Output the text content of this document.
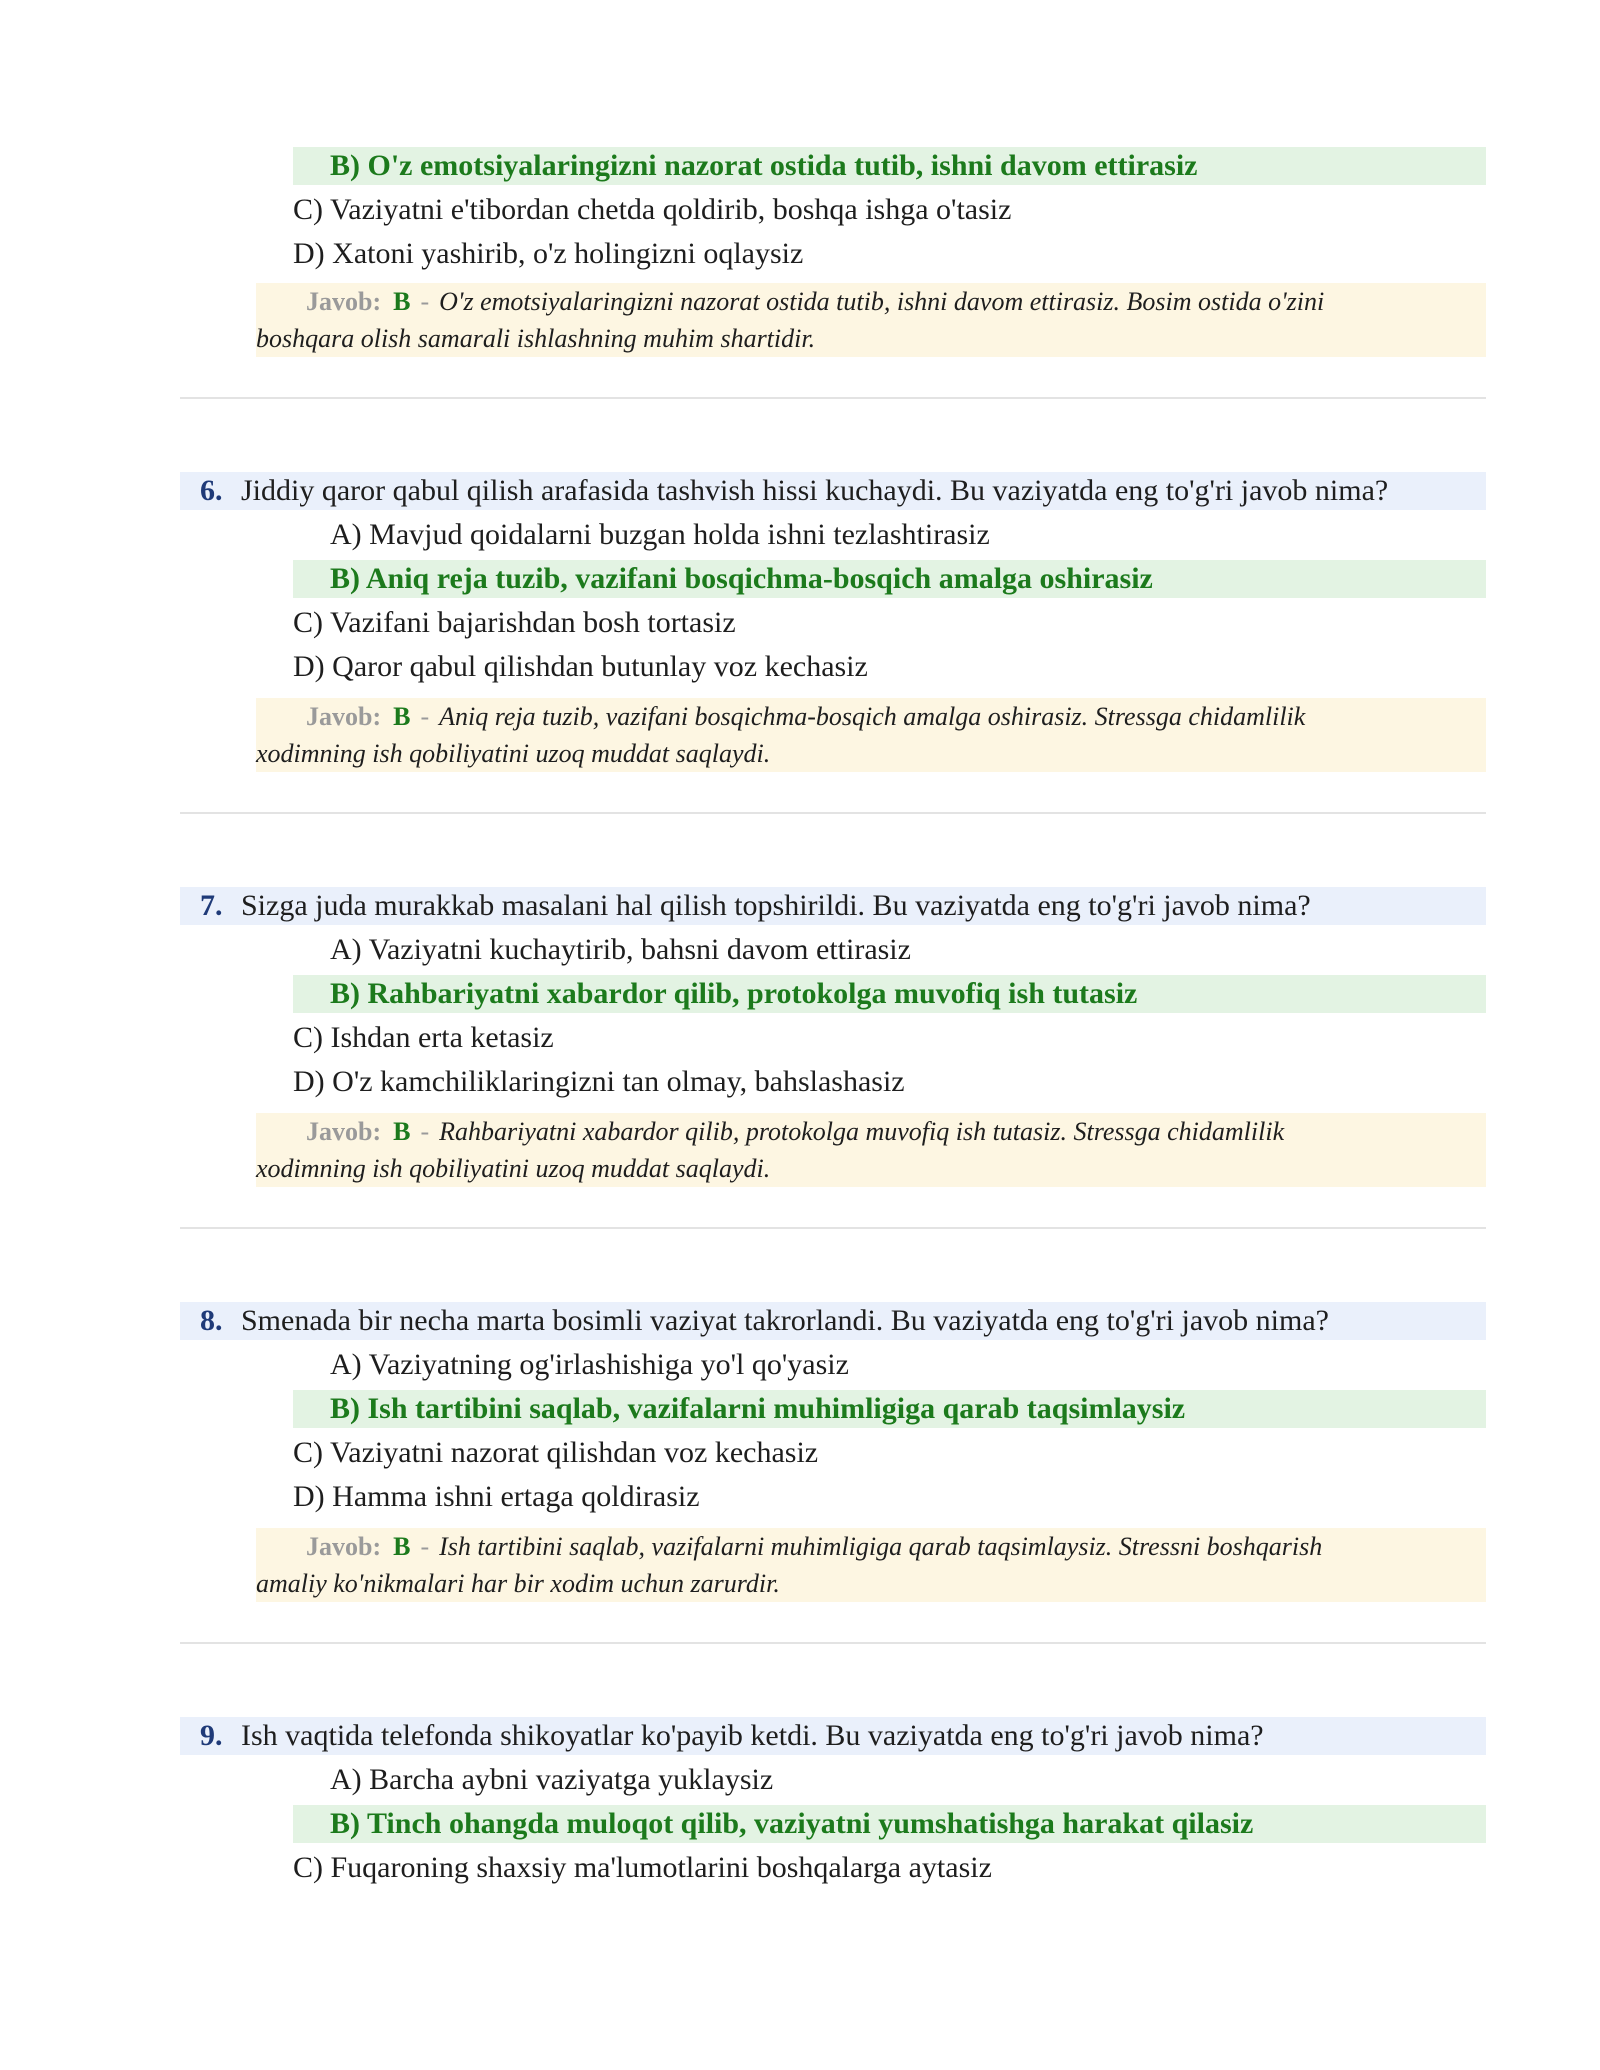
B) O'z emotsiyalaringizni nazorat ostida tutib, ishni davom ettirasiz
C) Vaziyatni e'tibordan chetda qoldirib, boshqa ishga o'tasiz
D) Xatoni yashirib, o'z holingizni oqlaysiz
Javob: B - O'z emotsiyalaringizni nazorat ostida tutib, ishni davom ettirasiz. Bosim ostida o'zini
boshqara olish samarali ishlashning muhim shartidir.
6. Jiddiy qaror qabul qilish arafasida tashvish hissi kuchaydi. Bu vaziyatda eng to'g'ri javob nima?
A) Mavjud qoidalarni buzgan holda ishni tezlashtirasiz
B) Aniq reja tuzib, vazifani bosqichma-bosqich amalga oshirasiz
C) Vazifani bajarishdan bosh tortasiz
D) Qaror qabul qilishdan butunlay voz kechasiz
Javob: B - Aniq reja tuzib, vazifani bosqichma-bosqich amalga oshirasiz. Stressga chidamlilik
xodimning ish qobiliyatini uzoq muddat saqlaydi.
7. Sizga juda murakkab masalani hal qilish topshirildi. Bu vaziyatda eng to'g'ri javob nima?
A) Vaziyatni kuchaytirib, bahsni davom ettirasiz
B) Rahbariyatni xabardor qilib, protokolga muvofiq ish tutasiz
C) Ishdan erta ketasiz
D) O'z kamchiliklaringizni tan olmay, bahslashasiz
Javob: B - Rahbariyatni xabardor qilib, protokolga muvofiq ish tutasiz. Stressga chidamlilik
xodimning ish qobiliyatini uzoq muddat saqlaydi.
8. Smenada bir necha marta bosimli vaziyat takrorlandi. Bu vaziyatda eng to'g'ri javob nima?
A) Vaziyatning og'irlashishiga yo'l qo'yasiz
B) Ish tartibini saqlab, vazifalarni muhimligiga qarab taqsimlaysiz
C) Vaziyatni nazorat qilishdan voz kechasiz
D) Hamma ishni ertaga qoldirasiz
Javob: B - Ish tartibini saqlab, vazifalarni muhimligiga qarab taqsimlaysiz. Stressni boshqarish
amaliy ko'nikmalari har bir xodim uchun zarurdir.
9. Ish vaqtida telefonda shikoyatlar ko'payib ketdi. Bu vaziyatda eng to'g'ri javob nima?
A) Barcha aybni vaziyatga yuklaysiz
B) Tinch ohangda muloqot qilib, vaziyatni yumshatishga harakat qilasiz
C) Fuqaroning shaxsiy ma'lumotlarini boshqalarga aytasiz
